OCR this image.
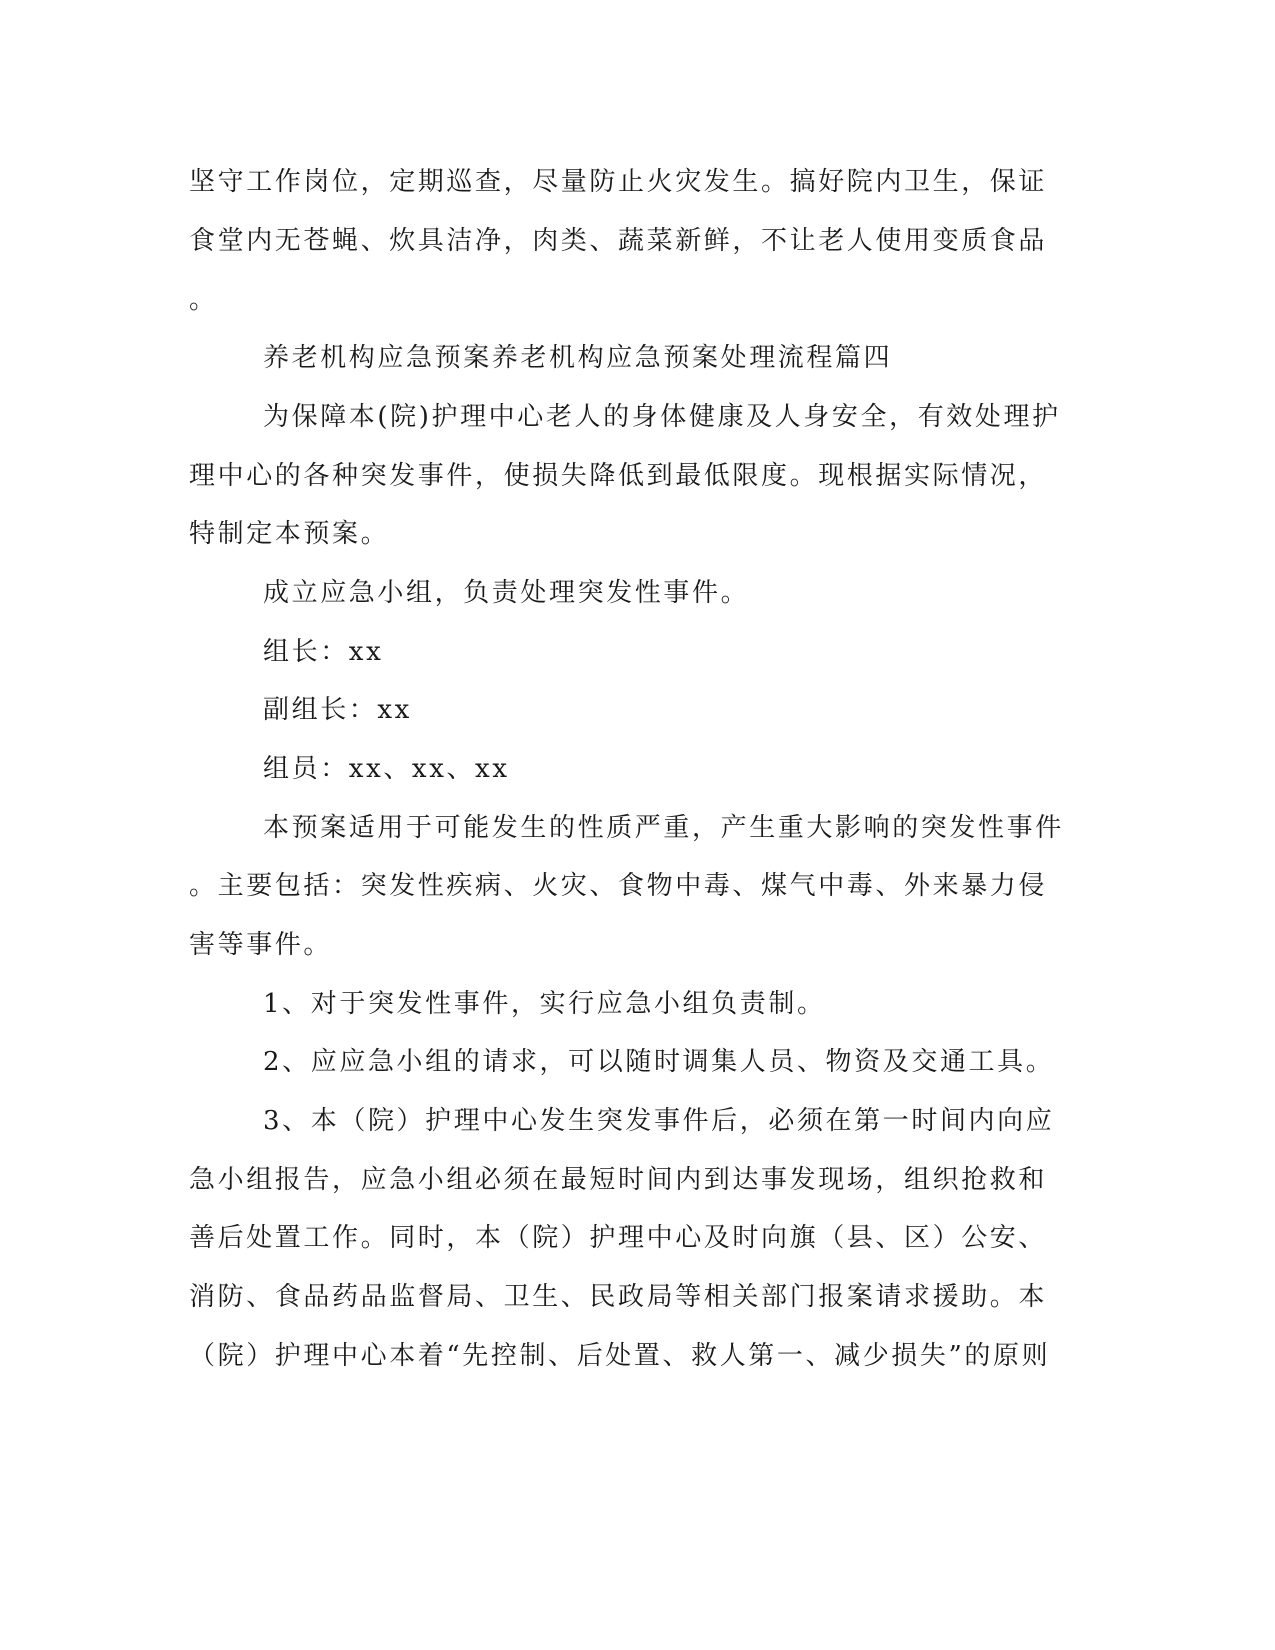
坚守工作岗位，定期巡查，尽量防止火灾发生。搞好院内卫生，保证
食堂内无苍蝇、炊具洁净，肉类、蔬菜新鲜，不让老人使用变质食品
。
养老机构应急预案养老机构应急预案处理流程篇四
为保障本(院)护理中心老人的身体健康及人身安全，有效处理护
理中心的各种突发事件，使损失降低到最低限度。现根据实际情况，
特制定本预案。
成立应急小组，负责处理突发性事件。
组长：xx
副组长：xx
组员：xx、xx、xx
本预案适用于可能发生的性质严重，产生重大影响的突发性事件
。主要包括：突发性疾病、火灾、食物中毒、煤气中毒、外来暴力侵
害等事件。
1、对于突发性事件，实行应急小组负责制。
2、应应急小组的请求，可以随时调集人员、物资及交通工具。
3、本（院）护理中心发生突发事件后，必须在第一时间内向应
急小组报告，应急小组必须在最短时间内到达事发现场，组织抢救和
善后处置工作。同时，本（院）护理中心及时向旗（县、区）公安、
消防、食品药品监督局、卫生、民政局等相关部门报案请求援助。本
（院）护理中心本着“先控制、后处置、救人第一、减少损失”的原则
